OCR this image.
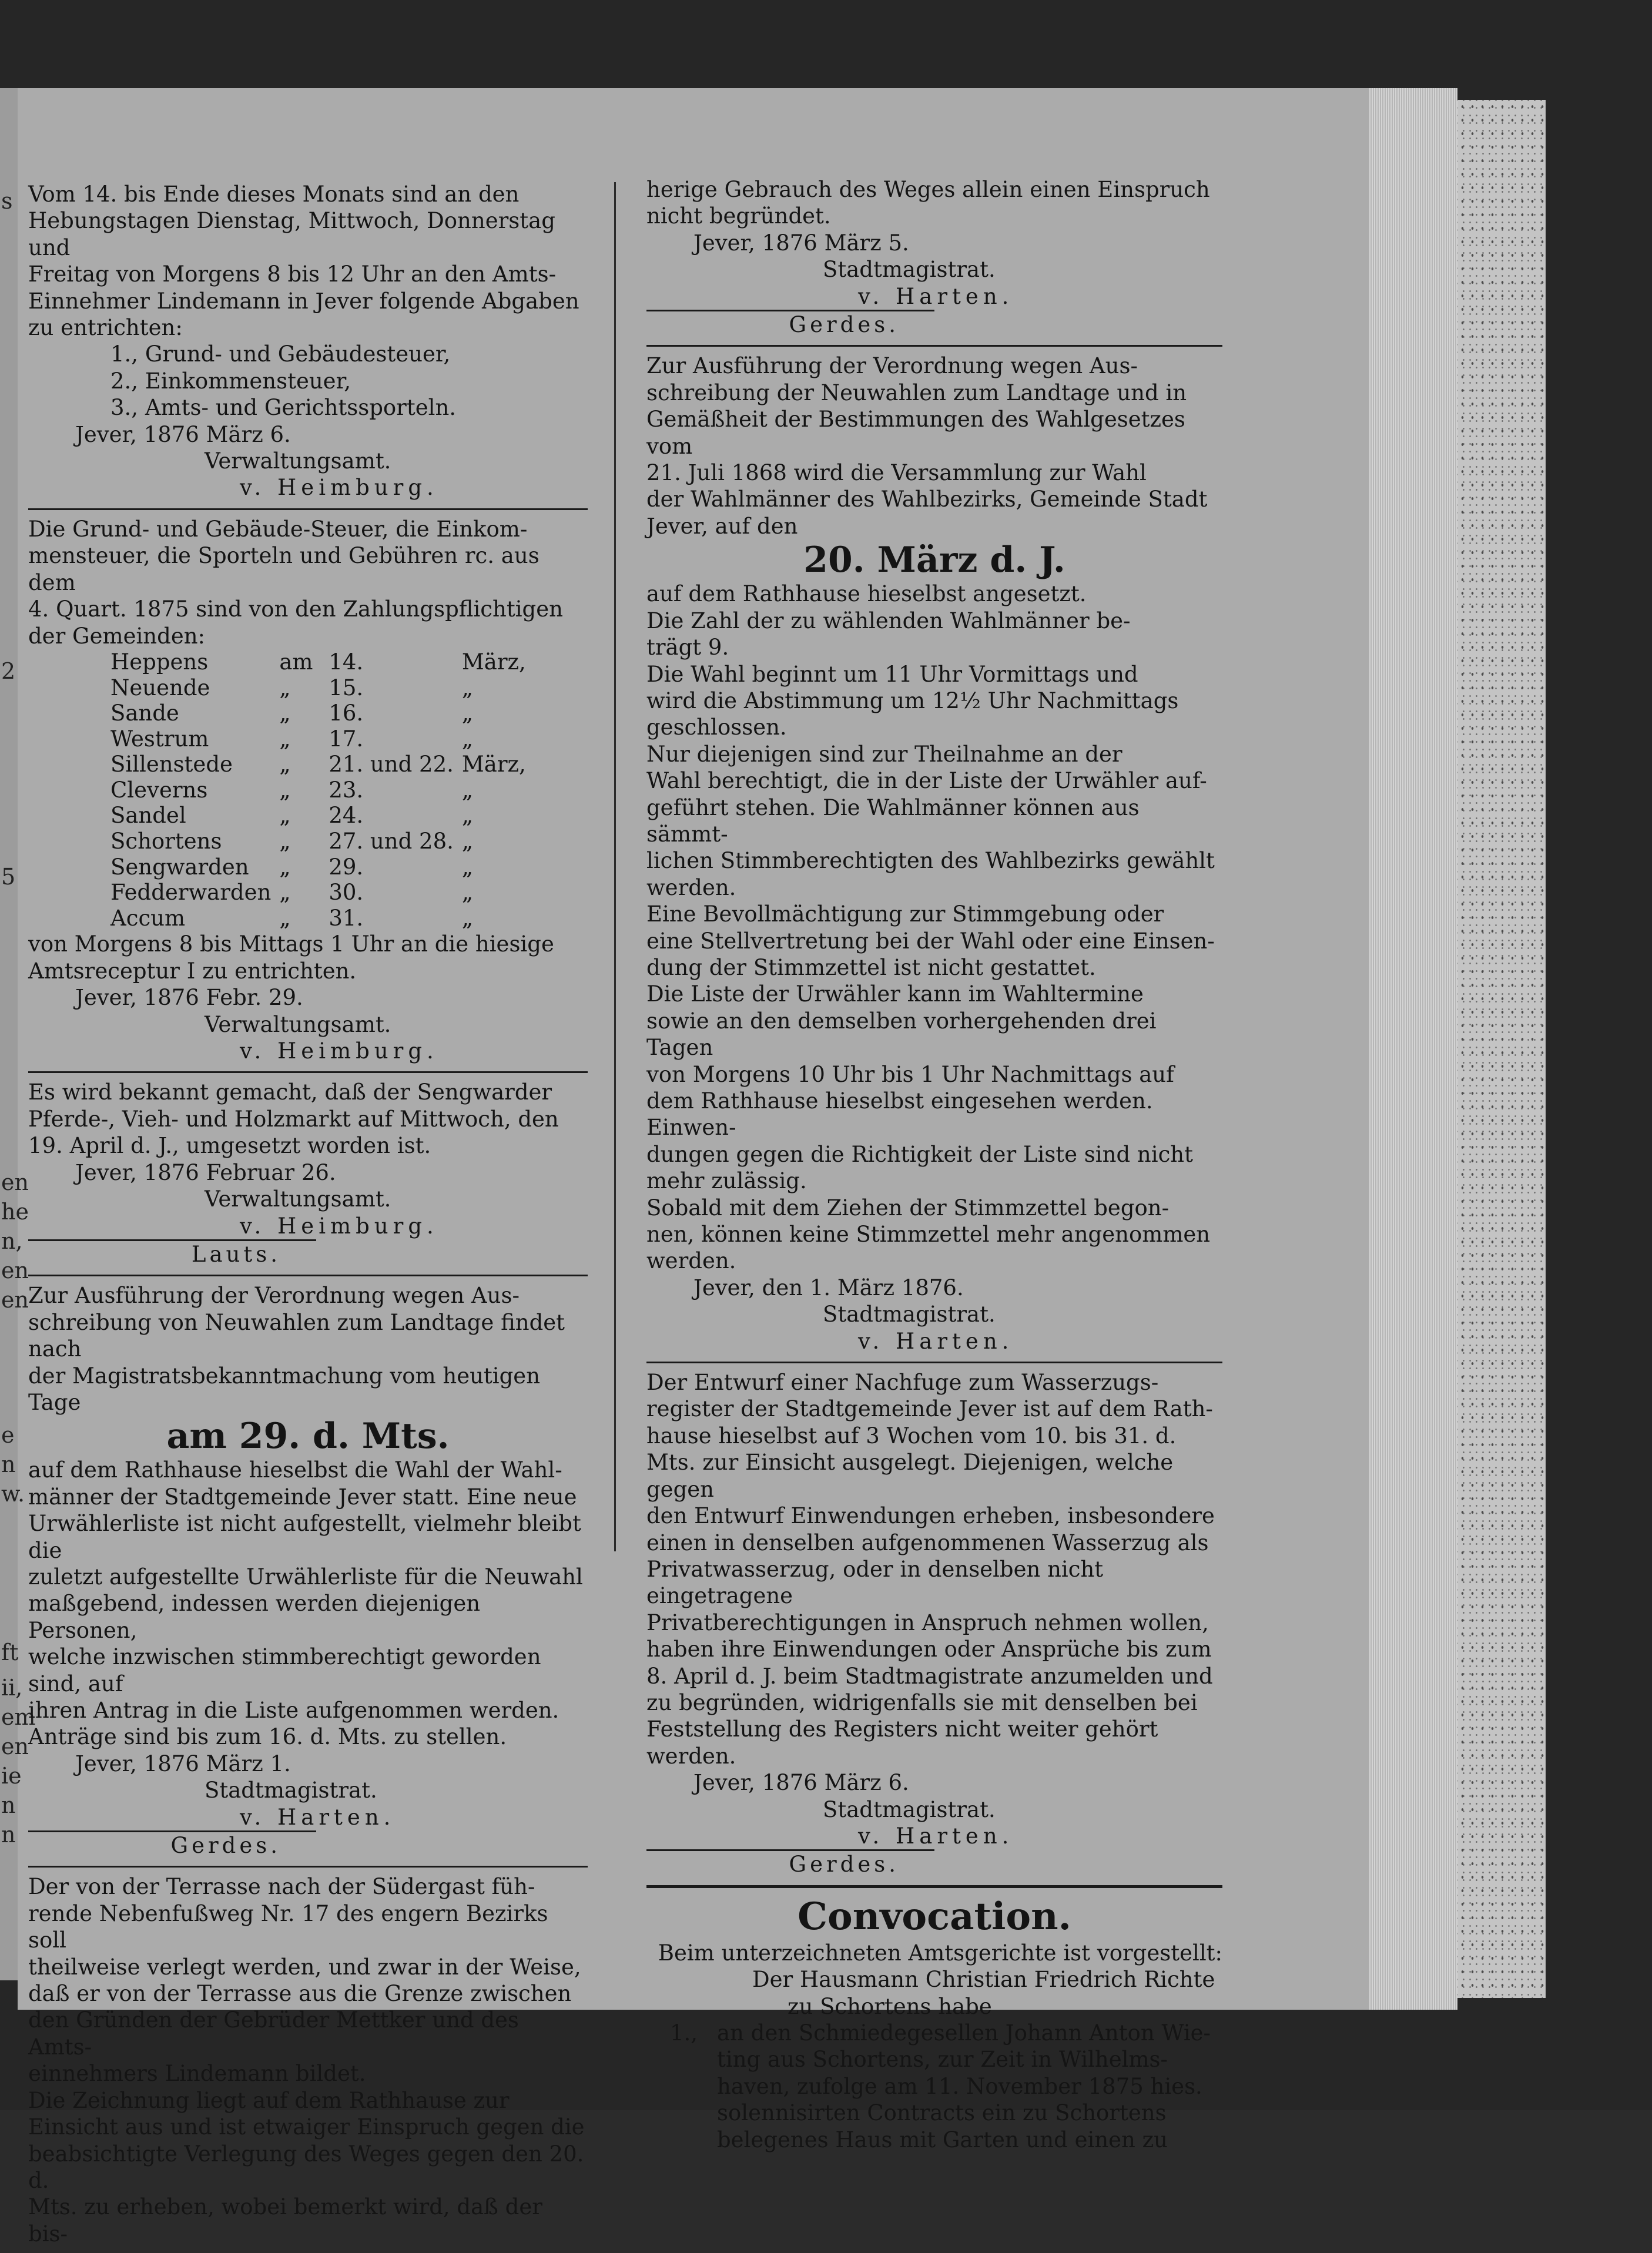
s
2
5
en
he
n,
en
en
e
n
w.
ft
ii,
em
en
ie
n
n

Vom 14. bis Ende dieses Monats sind an den

Hebungstagen Dienstag, Mittwoch, Donnerstag und

Freitag von Morgens 8 bis 12 Uhr an den Amts-

Einnehmer Lindemann in Jever folgende Abgaben

zu entrichten:

1., Grund- und Gebäudesteuer,

2., Einkommensteuer,

3., Amts- und Gerichtssporteln.

Jever, 1876 März 6.

Verwaltungsamt.

v. Heimburg.

Die Grund- und Gebäude-Steuer, die Einkom-

mensteuer, die Sporteln und Gebühren rc. aus dem

4. Quart. 1875 sind von den Zahlungspflichtigen

der Gemeinden:

Heppens	am	14.	März,
Neuende	„	15.	„
Sande	„	16.	„
Westrum	„	17.	„
Sillenstede	„	21. und 22.	März,
Cleverns	„	23.	„
Sandel	„	24.	„
Schortens	„	27. und 28.	„
Sengwarden	„	29.	„
Fedderwarden	„	30.	„
Accum	„	31.	„

von Morgens 8 bis Mittags 1 Uhr an die hiesige

Amtsreceptur I zu entrichten.

Jever, 1876 Febr. 29.

Verwaltungsamt.

v. Heimburg.

Es wird bekannt gemacht, daß der Sengwarder

Pferde-, Vieh- und Holzmarkt auf Mittwoch, den

19. April d. J., umgesetzt worden ist.

Jever, 1876 Februar 26.

Verwaltungsamt.

v. Heimburg.

Lauts.

Zur Ausführung der Verordnung wegen Aus-

schreibung von Neuwahlen zum Landtage findet nach

der Magistratsbekanntmachung vom heutigen Tage

am 29. d. Mts.

auf dem Rathhause hieselbst die Wahl der Wahl-

männer der Stadtgemeinde Jever statt. Eine neue

Urwählerliste ist nicht aufgestellt, vielmehr bleibt die

zuletzt aufgestellte Urwählerliste für die Neuwahl

maßgebend, indessen werden diejenigen Personen,

welche inzwischen stimmberechtigt geworden sind, auf

ihren Antrag in die Liste aufgenommen werden.

Anträge sind bis zum 16. d. Mts. zu stellen.

Jever, 1876 März 1.

Stadtmagistrat.

v. Harten.

Gerdes.

Der von der Terrasse nach der Südergast füh-

rende Nebenfußweg Nr. 17 des engern Bezirks soll

theilweise verlegt werden, und zwar in der Weise,

daß er von der Terrasse aus die Grenze zwischen

den Gründen der Gebrüder Mettker und des Amts-

einnehmers Lindemann bildet.

Die Zeichnung liegt auf dem Rathhause zur

Einsicht aus und ist etwaiger Einspruch gegen die

beabsichtigte Verlegung des Weges gegen den 20. d.

Mts. zu erheben, wobei bemerkt wird, daß der bis-

herige Gebrauch des Weges allein einen Einspruch

nicht begründet.

Jever, 1876 März 5.

Stadtmagistrat.

v. Harten.

Gerdes.

Zur Ausführung der Verordnung wegen Aus-

schreibung der Neuwahlen zum Landtage und in

Gemäßheit der Bestimmungen des Wahlgesetzes vom

21. Juli 1868 wird die Versammlung zur Wahl

der Wahlmänner des Wahlbezirks, Gemeinde Stadt

Jever, auf den

20. März d. J.

auf dem Rathhause hieselbst angesetzt.

Die Zahl der zu wählenden Wahlmänner be-

trägt 9.

Die Wahl beginnt um 11 Uhr Vormittags und

wird die Abstimmung um 12½ Uhr Nachmittags

geschlossen.

Nur diejenigen sind zur Theilnahme an der

Wahl berechtigt, die in der Liste der Urwähler auf-

geführt stehen. Die Wahlmänner können aus sämmt-

lichen Stimmberechtigten des Wahlbezirks gewählt

werden.

Eine Bevollmächtigung zur Stimmgebung oder

eine Stellvertretung bei der Wahl oder eine Einsen-

dung der Stimmzettel ist nicht gestattet.

Die Liste der Urwähler kann im Wahltermine

sowie an den demselben vorhergehenden drei Tagen

von Morgens 10 Uhr bis 1 Uhr Nachmittags auf

dem Rathhause hieselbst eingesehen werden. Einwen-

dungen gegen die Richtigkeit der Liste sind nicht

mehr zulässig.

Sobald mit dem Ziehen der Stimmzettel begon-

nen, können keine Stimmzettel mehr angenommen

werden.

Jever, den 1. März 1876.

Stadtmagistrat.

v. Harten.

Der Entwurf einer Nachfuge zum Wasserzugs-

register der Stadtgemeinde Jever ist auf dem Rath-

hause hieselbst auf 3 Wochen vom 10. bis 31. d.

Mts. zur Einsicht ausgelegt. Diejenigen, welche gegen

den Entwurf Einwendungen erheben, insbesondere

einen in denselben aufgenommenen Wasserzug als

Privatwasserzug, oder in denselben nicht eingetragene

Privatberechtigungen in Anspruch nehmen wollen,

haben ihre Einwendungen oder Ansprüche bis zum

8. April d. J. beim Stadtmagistrate anzumelden und

zu begründen, widrigenfalls sie mit denselben bei

Feststellung des Registers nicht weiter gehört werden.

Jever, 1876 März 6.

Stadtmagistrat.

v. Harten.

Gerdes.

Convocation.

Beim unterzeichneten Amtsgerichte ist vorgestellt:

Der Hausmann Christian Friedrich Richte

zu Schortens habe

1., an den Schmiedegesellen Johann Anton Wie-

ting aus Schortens, zur Zeit in Wilhelms-

haven, zufolge am 11. November 1875 hies.

solennisirten Contracts ein zu Schortens

belegenes Haus mit Garten und einen zu
